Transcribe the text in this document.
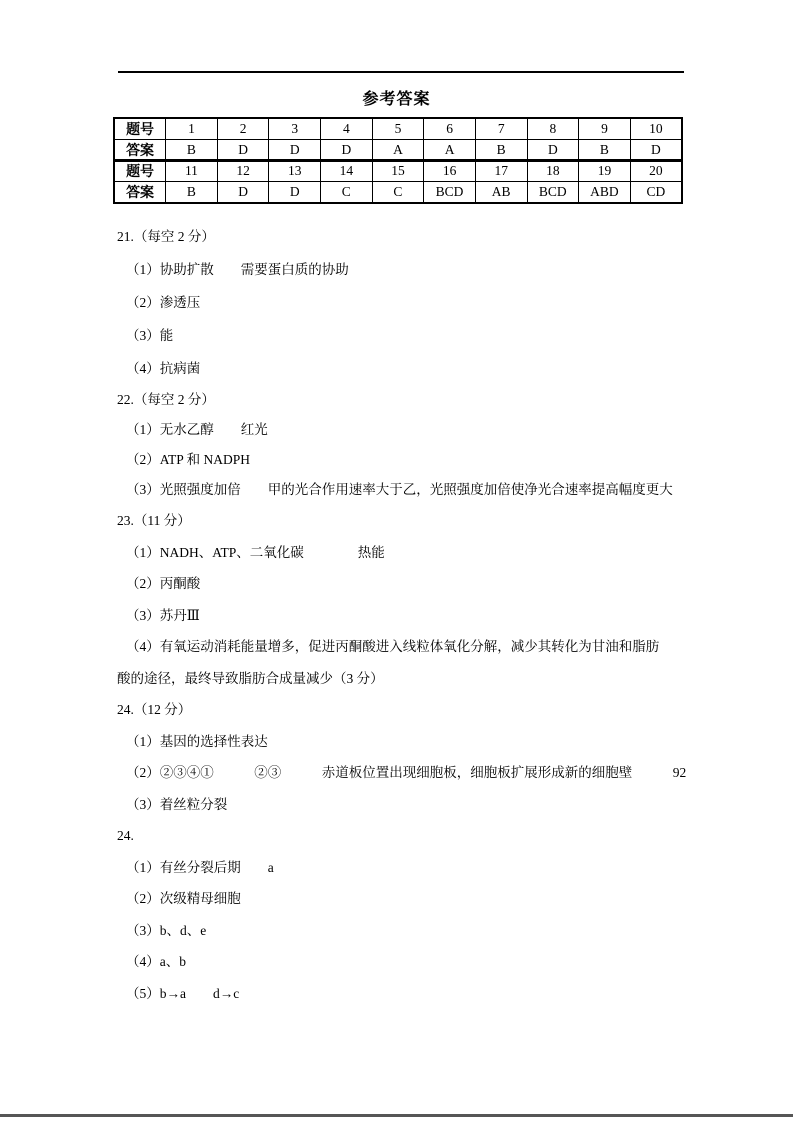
参考答案
题号	1	2	3	4	5	6	7	8	9	10
答案	B	D	D	D	A	A	B	D	B	D
题号	11	12	13	14	15	16	17	18	19	20
答案	B	D	D	C	C	BCD	AB	BCD	ABD	CD

21.（每空 2 分）

（1）协助扩散　　需要蛋白质的协助

（2）渗透压

（3）能

（4）抗病菌

22.（每空 2 分）

（1）无水乙醇　　红光

（2）ATP 和 NADPH

（3）光照强度加倍　　甲的光合作用速率大于乙，光照强度加倍使净光合速率提高幅度更大

23.（11 分）

（1）NADH、ATP、二氧化碳　　　　热能

（2）丙酮酸

（3）苏丹Ⅲ

（4）有氧运动消耗能量增多，促进丙酮酸进入线粒体氧化分解，减少其转化为甘油和脂肪

酸的途径，最终导致脂肪合成量减少（3 分）

24.（12 分）

（1）基因的选择性表达

（2）②③④①　　　②③　　　赤道板位置出现细胞板，细胞板扩展形成新的细胞壁　　　92

（3）着丝粒分裂

24.

（1）有丝分裂后期　　a

（2）次级精母细胞

（3）b、d、e

（4）a、b

（5）b→a　　d→c
